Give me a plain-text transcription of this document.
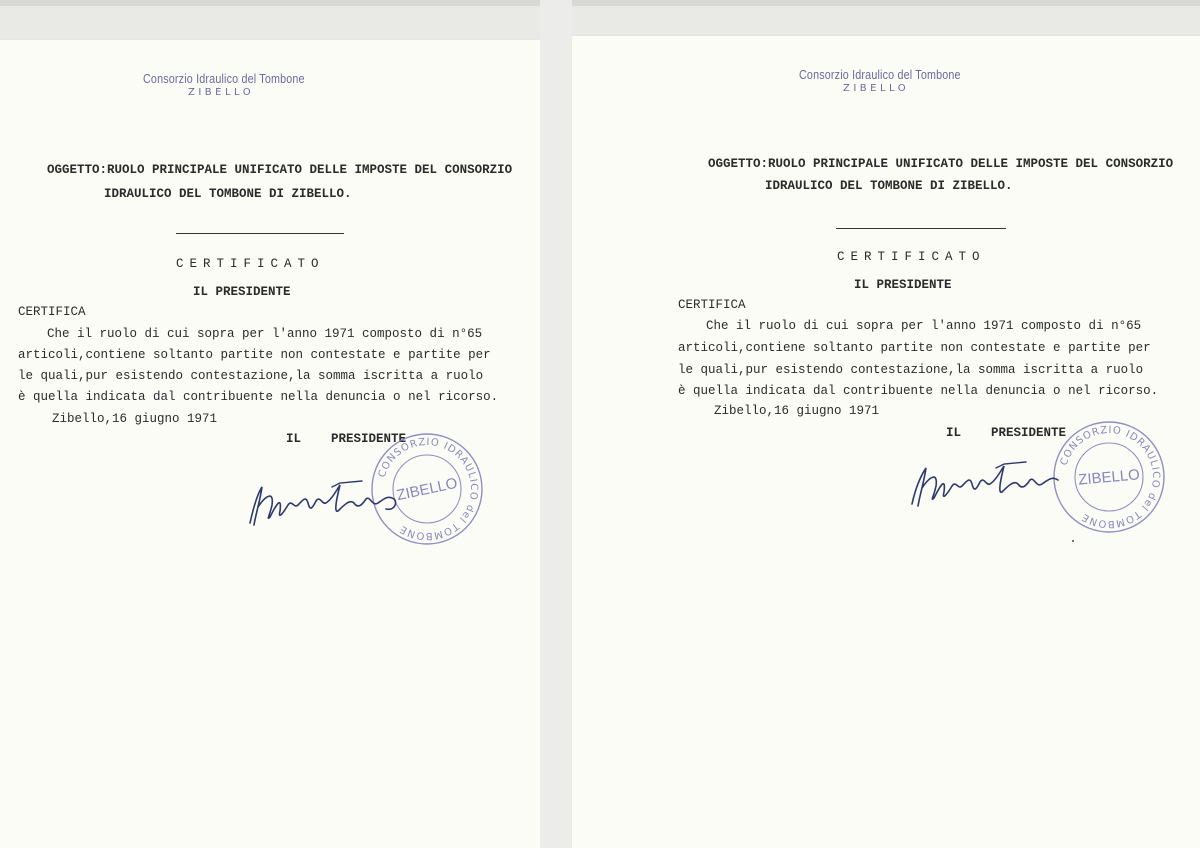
Consorzio Idraulico del Tombone
ZIBELLO
OGGETTO:RUOLO PRINCIPALE UNIFICATO DELLE IMPOSTE DEL CONSORZIO
IDRAULICO DEL TOMBONE DI ZIBELLO.
CERTIFICATO
IL PRESIDENTE
CERTIFICA
Che il ruolo di cui sopra per l'anno 1971 composto di n°65
articoli,contiene soltanto partite non contestate e partite per
le quali,pur esistendo contestazione,la somma iscritta a ruolo
è quella indicata dal contribuente nella denuncia o nel ricorso.
Zibello,16 giugno 1971
IL    PRESIDENTE
CONSORZIO IDRAULICO del TOMBONE
ZIBELLO
Consorzio Idraulico del Tombone
ZIBELLO
OGGETTO:RUOLO PRINCIPALE UNIFICATO DELLE IMPOSTE DEL CONSORZIO
IDRAULICO DEL TOMBONE DI ZIBELLO.
CERTIFICATO
IL PRESIDENTE
CERTIFICA
Che il ruolo di cui sopra per l'anno 1971 composto di n°65
articoli,contiene soltanto partite non contestate e partite per
le quali,pur esistendo contestazione,la somma iscritta a ruolo
è quella indicata dal contribuente nella denuncia o nel ricorso.
Zibello,16 giugno 1971
IL    PRESIDENTE
CONSORZIO IDRAULICO del TOMBONE
ZIBELLO
